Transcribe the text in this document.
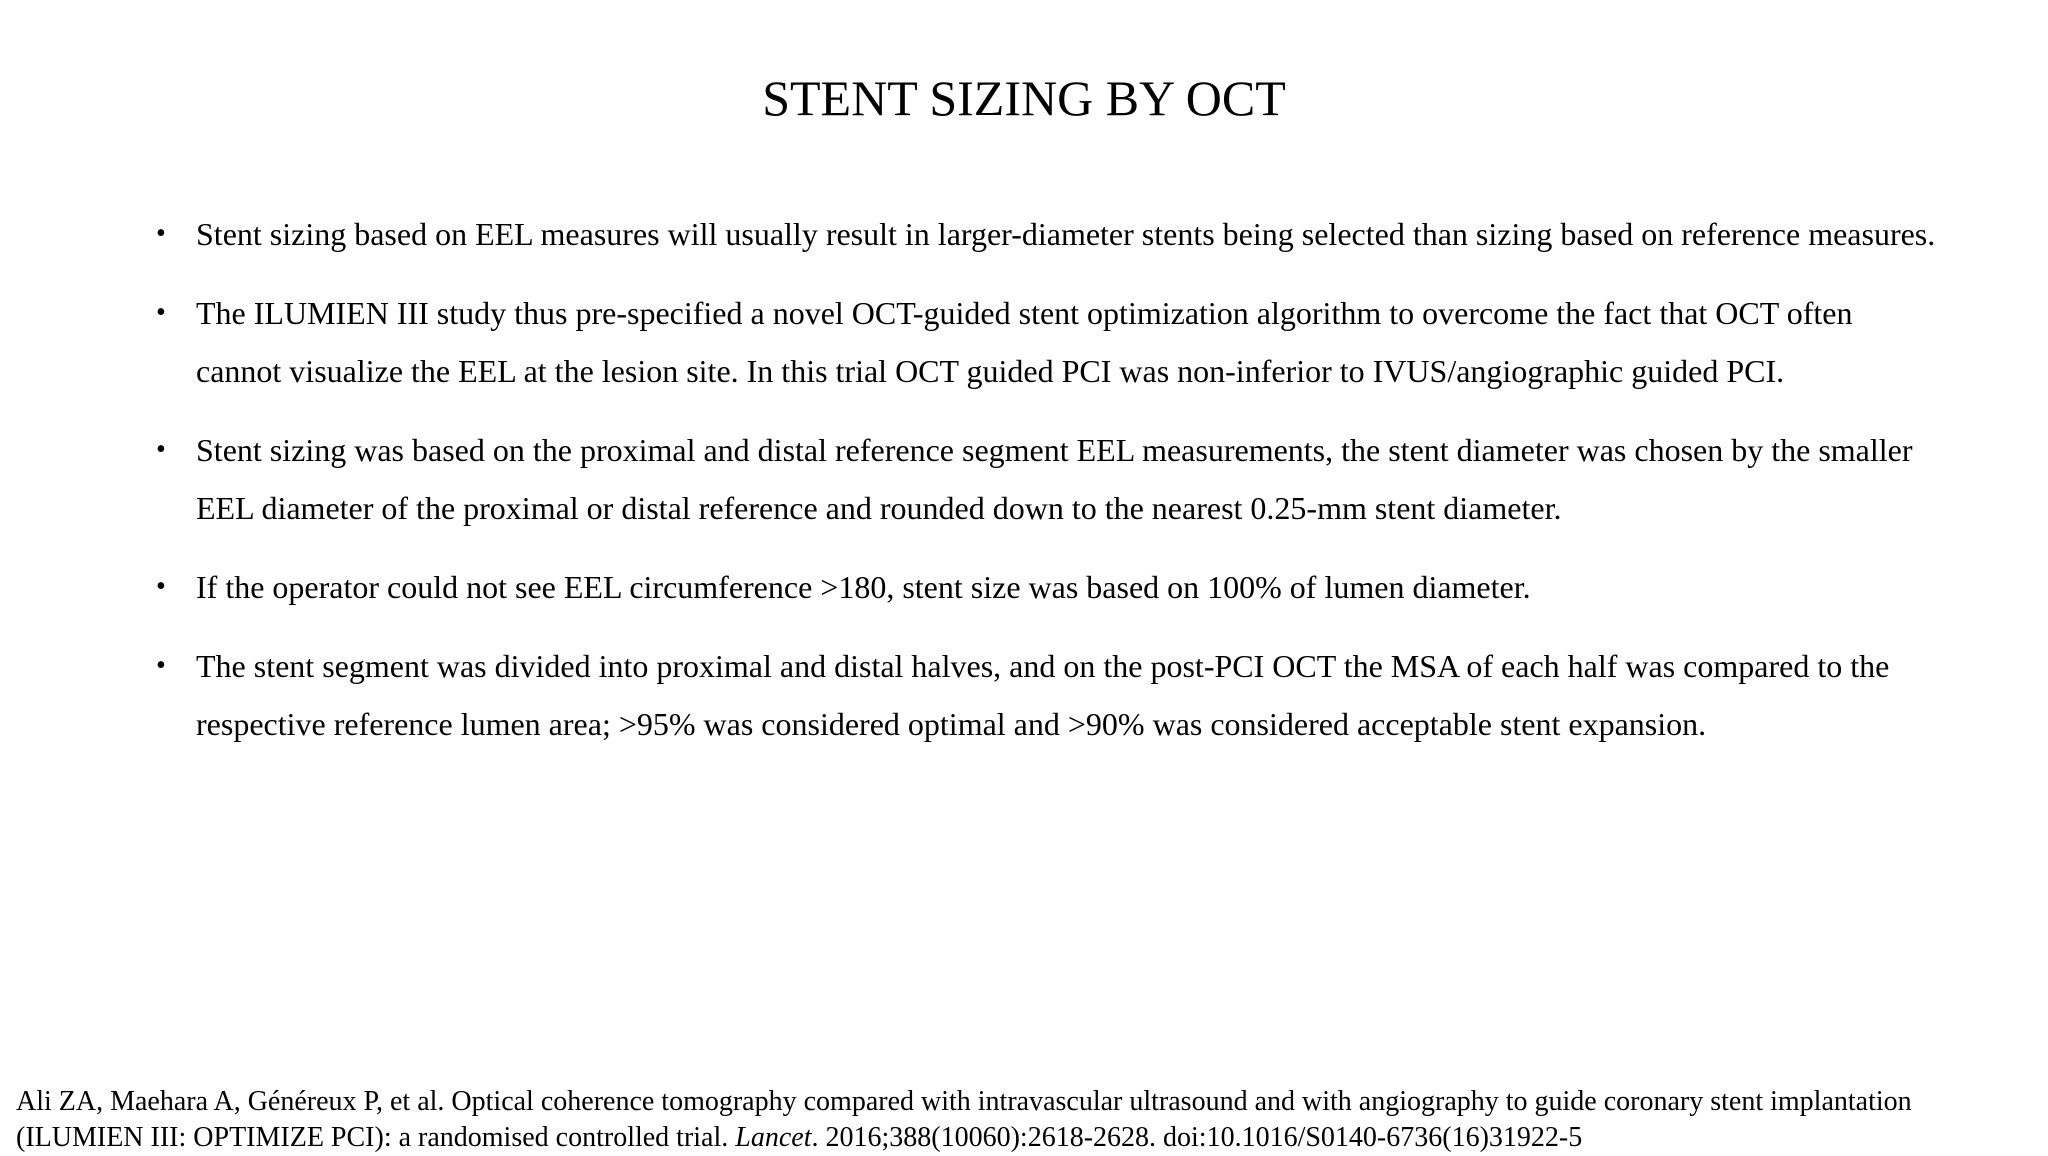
STENT SIZING BY OCT
• Stent sizing based on EEL measures will usually result in larger-diameter stents being selected than sizing based on reference measures.
• The ILUMIEN III study thus pre-specified a novel OCT-guided stent optimization algorithm to overcome the fact that OCT often cannot visualize the EEL at the lesion site. In this trial OCT guided PCI was non-inferior to IVUS/angiographic guided PCI.
• Stent sizing was based on the proximal and distal reference segment EEL measurements, the stent diameter was chosen by the smaller EEL diameter of the proximal or distal reference and rounded down to the nearest 0.25-mm stent diameter.
• If the operator could not see EEL circumference >180, stent size was based on 100% of lumen diameter.
• The stent segment was divided into proximal and distal halves, and on the post-PCI OCT the MSA of each half was compared to the respective reference lumen area; >95% was considered optimal and >90% was considered acceptable stent expansion.

Ali ZA, Maehara A, Généreux P, et al. Optical coherence tomography compared with intravascular ultrasound and with angiography to guide coronary stent implantation (ILUMIEN III: OPTIMIZE PCI): a randomised controlled trial. Lancet. 2016;388(10060):2618-2628. doi:10.1016/S0140-6736(16)31922-5
